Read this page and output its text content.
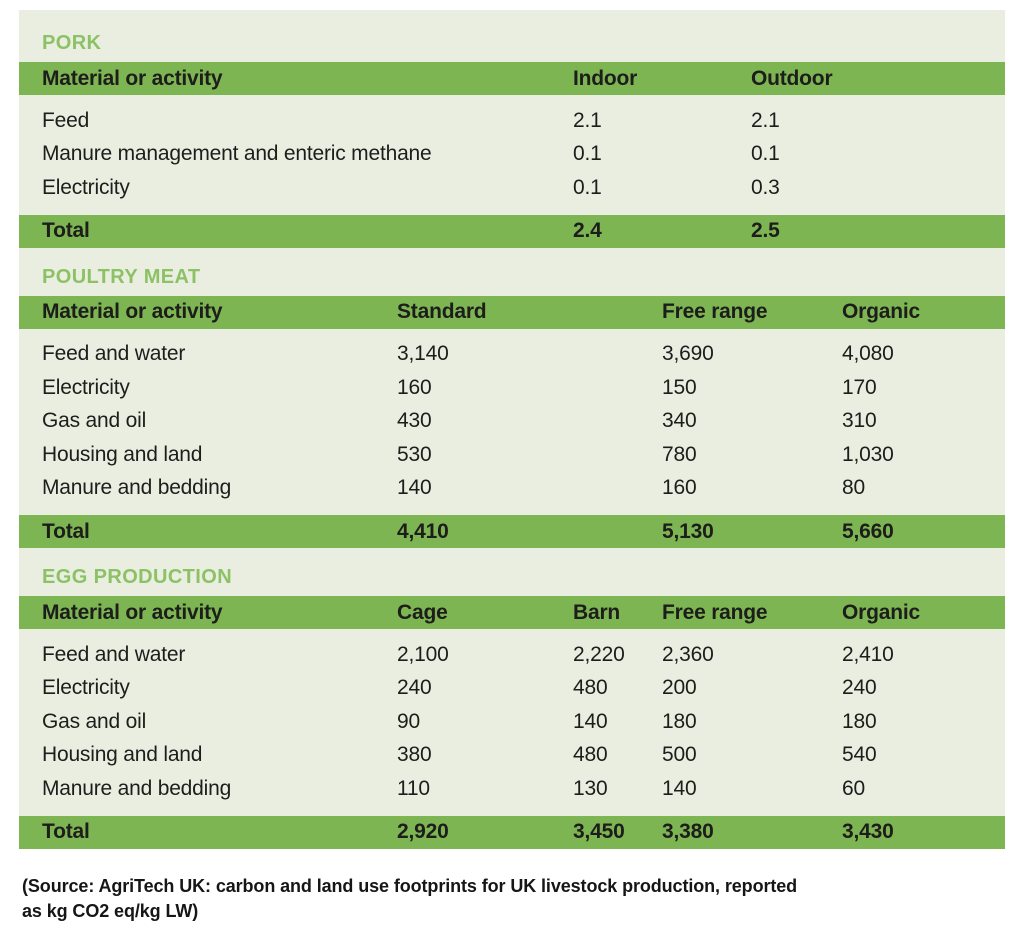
PORK
Material or activity	Indoor	Outdoor
Feed	2.1	2.1
Manure management and enteric methane	0.1	0.1
Electricity	0.1	0.3
Total	2.4	2.5
POULTRY MEAT
Material or activity	Standard	Free range	Organic
Feed and water	3,140	3,690	4,080
Electricity	160	150	170
Gas and oil	430	340	310
Housing and land	530	780	1,030
Manure and bedding	140	160	80
Total	4,410	5,130	5,660
EGG PRODUCTION
Material or activity	Cage	Barn	Free range	Organic
Feed and water	2,100	2,220	2,360	2,410
Electricity	240	480	200	240
Gas and oil	90	140	180	180
Housing and land	380	480	500	540
Manure and bedding	110	130	140	60
Total	2,920	3,450	3,380	3,430
(Source: AgriTech UK: carbon and land use footprints for UK livestock production, reported
as kg CO2 eq/kg LW)
